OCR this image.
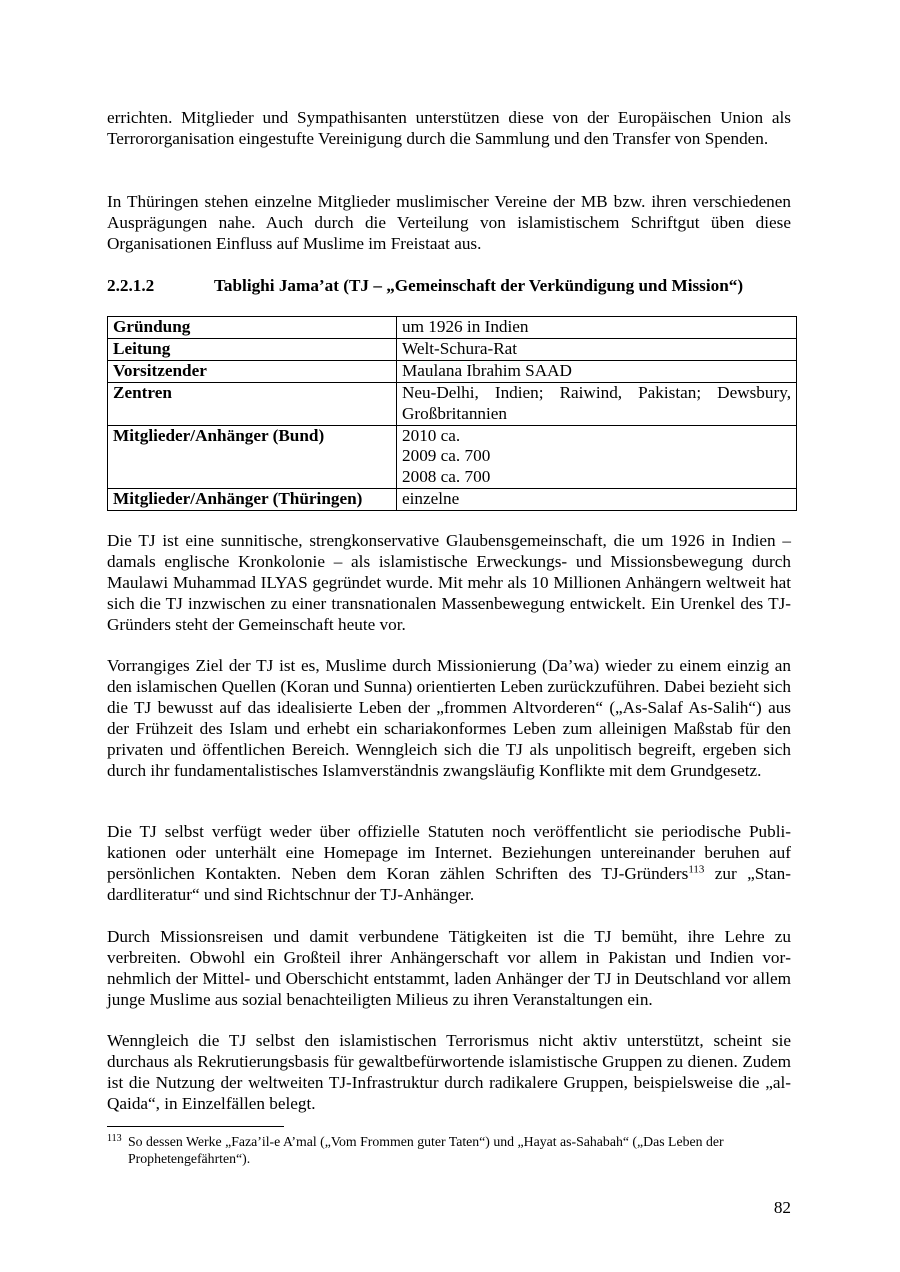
errichten. Mitglieder und Sympathisanten unterstützen diese von der Europäischen Union als Terrororganisation eingestufte Vereinigung durch die Sammlung und den Transfer von Spenden.

In Thüringen stehen einzelne Mitglieder muslimischer Vereine der MB bzw. ihren verschiedenen Ausprägungen nahe. Auch durch die Verteilung von islamistischem Schriftgut üben diese Organisationen Einfluss auf Muslime im Freistaat aus.

2.2.1.2	Tablighi Jama’at (TJ – „Gemeinschaft der Verkündigung und Mission“)
Gründung	um 1926 in Indien

Leitung	Welt-Schura-Rat

Vorsitzender	Maulana Ibrahim SAAD

Zentren	Neu-Delhi, Indien; Raiwind, Pakistan; Dewsbury, Großbritannien

Mitglieder/Anhänger (Bund)	2010 ca.
2009 ca. 700
2008 ca. 700

Mitglieder/Anhänger (Thüringen)	einzelne

Die TJ ist eine sunnitische, strengkonservative Glaubensgemeinschaft, die um 1926 in Indien – damals englische Kronkolonie – als islamistische Erweckungs- und Missionsbewegung durch Maulawi Muhammad ILYAS gegründet wurde. Mit mehr als 10 Millionen Anhängern weltweit hat sich die TJ inzwischen zu einer transnationalen Massenbewegung entwickelt. Ein Urenkel des TJ-Gründers steht der Gemeinschaft heute vor.

Vorrangiges Ziel der TJ ist es, Muslime durch Missionierung (Da’wa) wieder zu einem einzig an den islamischen Quellen (Koran und Sunna) orientierten Leben zurückzuführen. Dabei bezieht sich die TJ bewusst auf das idealisierte Leben der „frommen Altvorderen“ („As-Salaf As-Salih“) aus der Frühzeit des Islam und erhebt ein schariakonformes Leben zum alleinigen Maßstab für den privaten und öffentlichen Bereich. Wenngleich sich die TJ als unpolitisch begreift, ergeben sich durch ihr fundamentalistisches Islamverständnis zwangsläufig Konflikte mit dem Grundgesetz.

Die TJ selbst verfügt weder über offizielle Statuten noch veröffentlicht sie periodische Publikationen oder unterhält eine Homepage im Internet. Beziehungen untereinander beruhen auf persönlichen Kontakten. Neben dem Koran zählen Schriften des TJ-Gründers$^{113}$ zur „Standardliteratur“ und sind Richtschnur der TJ-Anhänger.

Durch Missionsreisen und damit verbundene Tätigkeiten ist die TJ bemüht, ihre Lehre zu verbreiten. Obwohl ein Großteil ihrer Anhängerschaft vor allem in Pakistan und Indien vornehmlich der Mittel- und Oberschicht entstammt, laden Anhänger der TJ in Deutschland vor allem junge Muslime aus sozial benachteiligten Milieus zu ihren Veranstaltungen ein.

Wenngleich die TJ selbst den islamistischen Terrorismus nicht aktiv unterstützt, scheint sie durchaus als Rekrutierungsbasis für gewaltbefürwortende islamistische Gruppen zu dienen. Zudem ist die Nutzung der weltweiten TJ-Infrastruktur durch radikalere Gruppen, beispielsweise die „al-Qaida“, in Einzelfällen belegt.

113 So dessen Werke „Faza’il-e A’mal („Vom Frommen guter Taten“) und „Hayat as-Sahabah“ („Das Leben der Prophetengefährten“).
82
